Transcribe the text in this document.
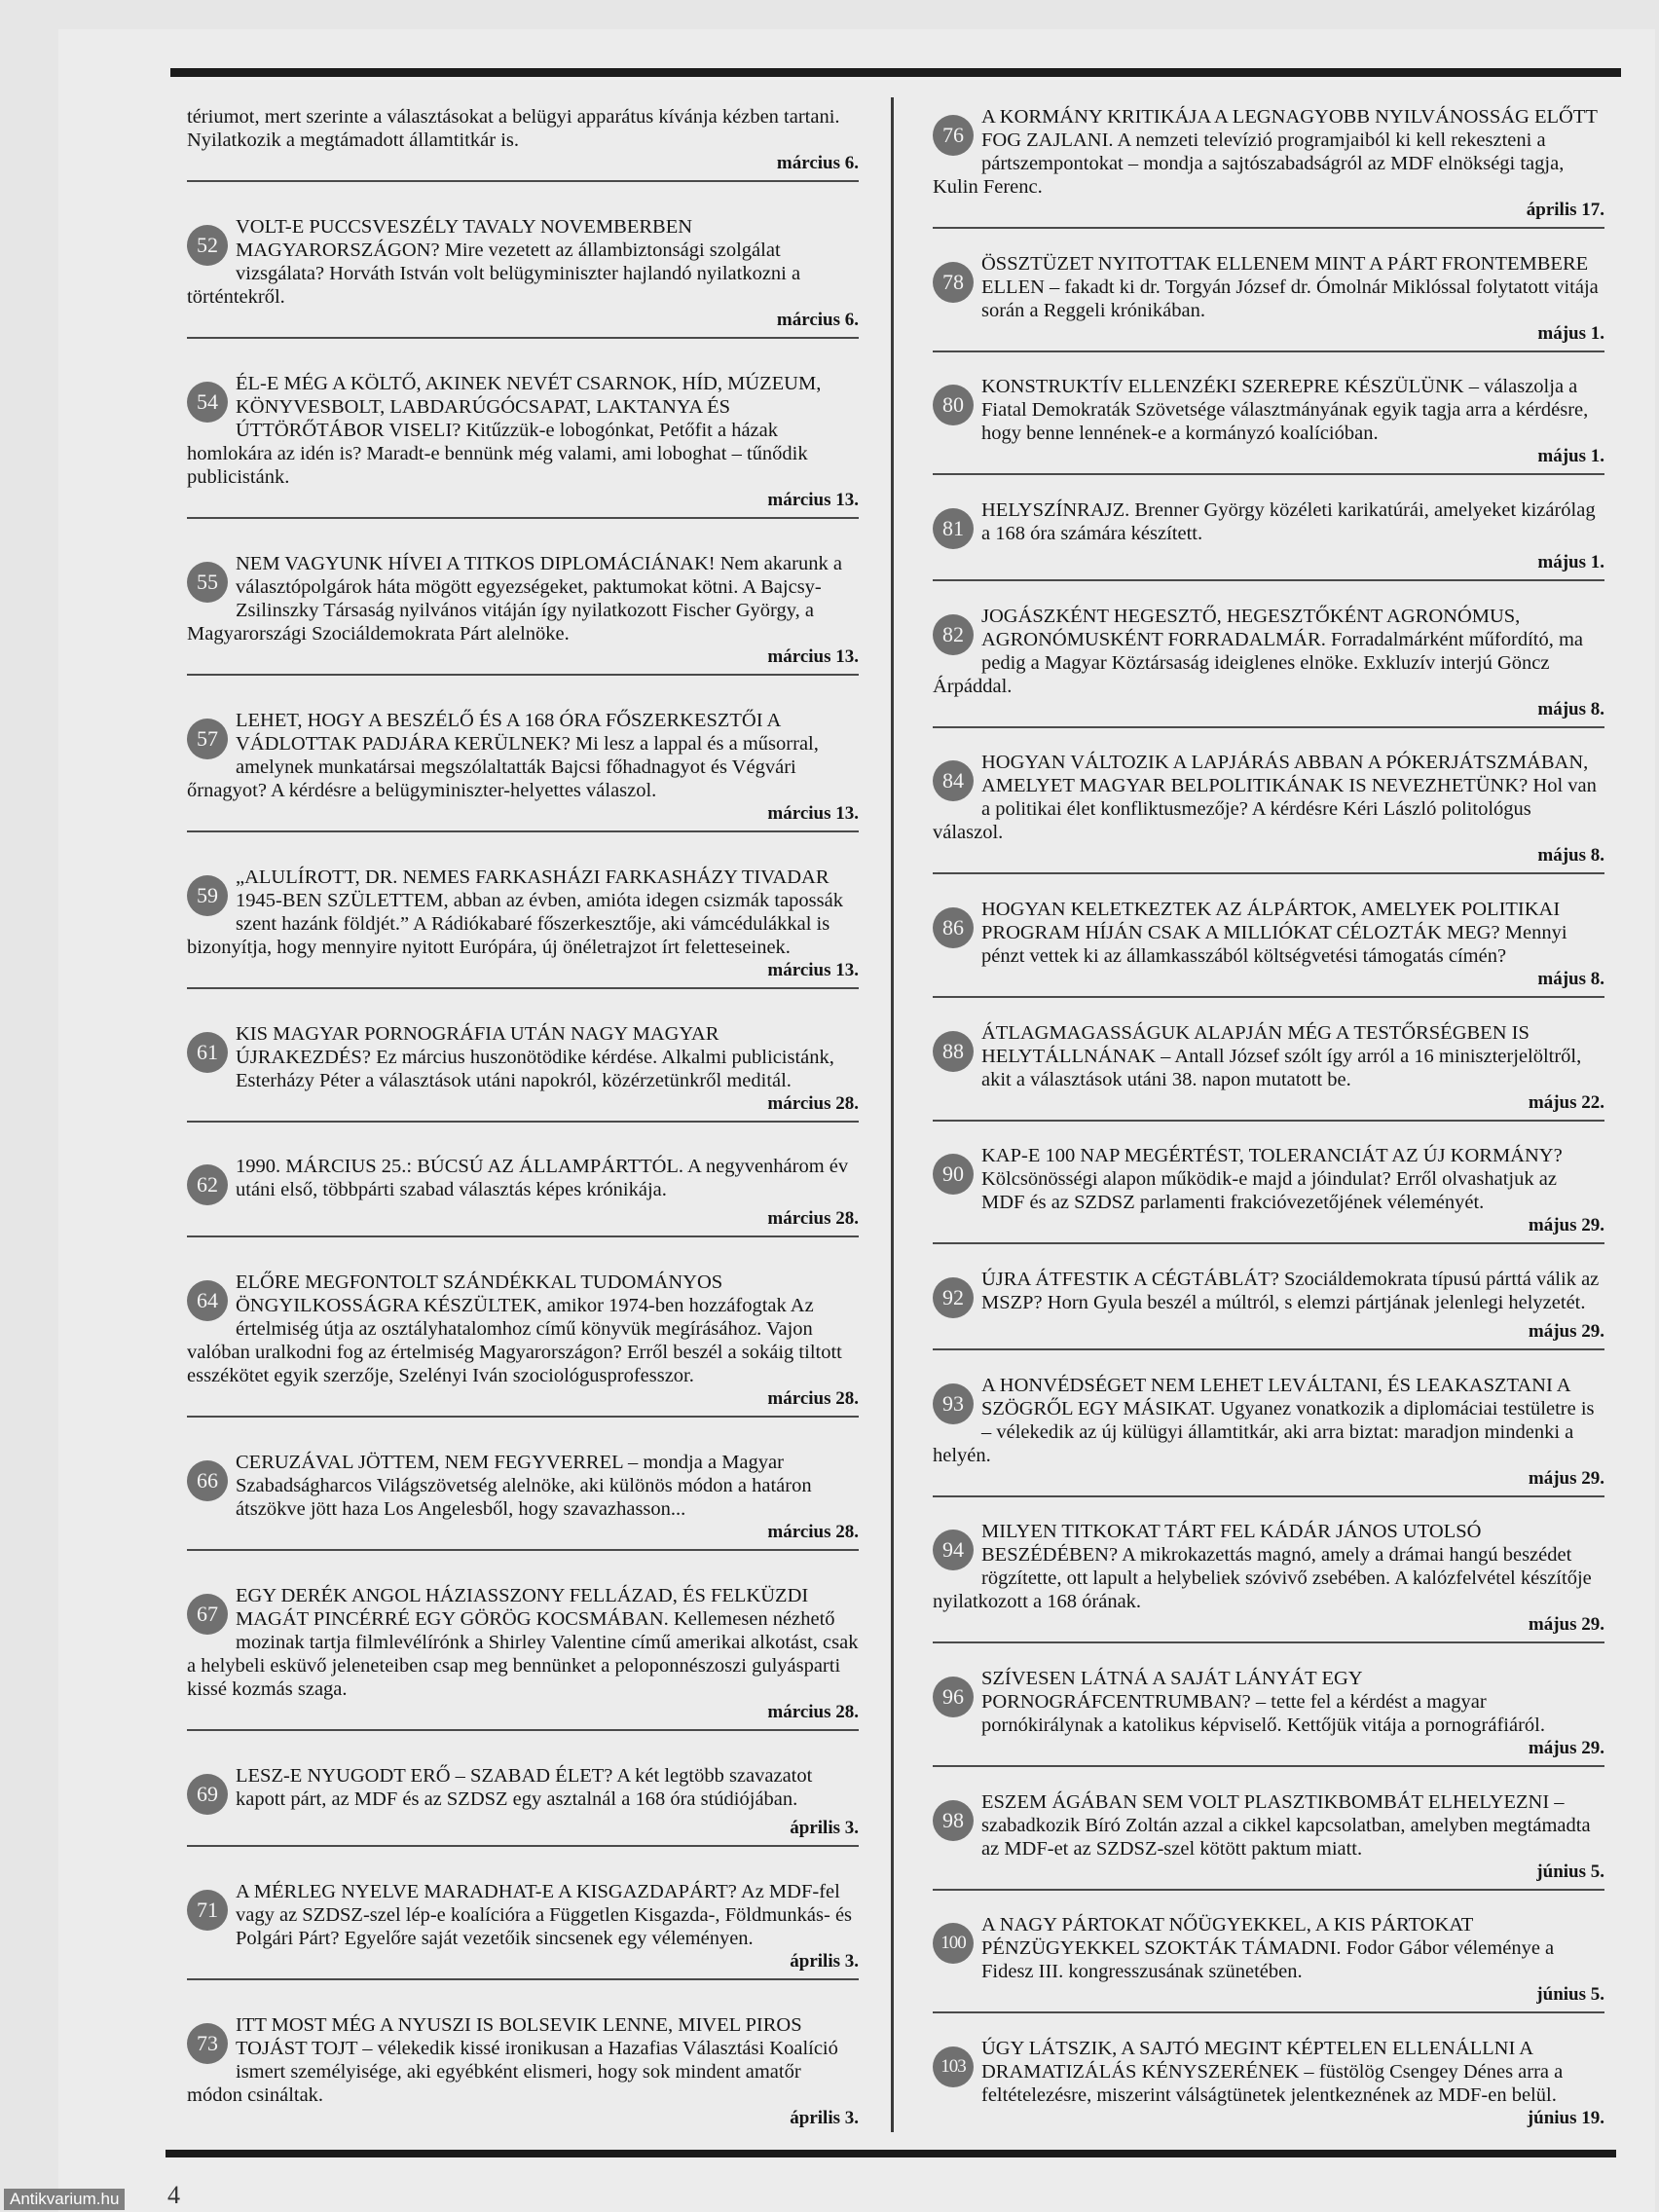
tériumot, mert szerinte a választásokat a belügyi apparátus kívánja kézben tartani. Nyilatkozik a megtámadott államtitkár is.
március 6.
52
VOLT-E PUCCSVESZÉLY TAVALY NOVEMBERBEN MAGYARORSZÁGON? Mire vezetett az állambiztonsági szolgálat vizsgálata? Horváth István volt belügyminiszter hajlandó nyilatkozni a történtekről.
március 6.
54
ÉL-E MÉG A KÖLTŐ, AKINEK NEVÉT CSARNOK, HÍD, MÚZEUM, KÖNYVESBOLT, LABDARÚGÓCSAPAT, LAKTANYA ÉS ÚTTÖRŐTÁBOR VISELI? Kitűzzük-e lobogónkat, Petőfit a házak homlokára az idén is? Maradt-e bennünk még valami, ami loboghat – tűnődik publicistánk.
március 13.
55
NEM VAGYUNK HÍVEI A TITKOS DIPLOMÁCIÁNAK! Nem akarunk a választópolgárok háta mögött egyezségeket, paktumokat kötni. A Bajcsy-Zsilinszky Társaság nyilvános vitáján így nyilatkozott Fischer György, a Magyarországi Szociáldemokrata Párt alelnöke.
március 13.
57
LEHET, HOGY A BESZÉLŐ ÉS A 168 ÓRA FŐSZERKESZTŐI A VÁDLOTTAK PADJÁRA KERÜLNEK? Mi lesz a lappal és a műsorral, amelynek munkatársai megszólaltatták Bajcsi főhadnagyot és Végvári őrnagyot? A kérdésre a belügyminiszter-helyettes válaszol.
március 13.
59
„ALULÍROTT, DR. NEMES FARKASHÁZI FARKASHÁZY TIVADAR 1945-BEN SZÜLETTEM, abban az évben, amióta idegen csizmák tapossák szent hazánk földjét.” A Rádiókabaré főszerkesztője, aki vámcédulákkal is bizonyítja, hogy mennyire nyitott Európára, új önéletrajzot írt feletteseinek.
március 13.
61
KIS MAGYAR PORNOGRÁFIA UTÁN NAGY MAGYAR ÚJRAKEZDÉS? Ez március huszonötödike kérdése. Alkalmi publicistánk, Esterházy Péter a választások utáni napokról, közérzetünkről meditál.
március 28.
62
1990. MÁRCIUS 25.: BÚCSÚ AZ ÁLLAMPÁRTTÓL. A negyvenhárom év utáni első, többpárti szabad választás képes krónikája.
március 28.
64
ELŐRE MEGFONTOLT SZÁNDÉKKAL TUDOMÁNYOS ÖNGYILKOSSÁGRA KÉSZÜLTEK, amikor 1974-ben hozzáfogtak Az értelmiség útja az osztályhatalomhoz című könyvük megírásához. Vajon valóban uralkodni fog az értelmiség Magyarországon? Erről beszél a sokáig tiltott esszékötet egyik szerzője, Szelényi Iván szociológusprofesszor.
március 28.
66
CERUZÁVAL JÖTTEM, NEM FEGYVERREL – mondja a Magyar Szabadságharcos Világszövetség alelnöke, aki különös módon a határon átszökve jött haza Los Angelesből, hogy szavazhasson...
március 28.
67
EGY DERÉK ANGOL HÁZIASSZONY FELLÁZAD, ÉS FELKÜZDI MAGÁT PINCÉRRÉ EGY GÖRÖG KOCSMÁBAN. Kellemesen nézhető mozinak tartja filmlevélírónk a Shirley Valentine című amerikai alkotást, csak a helybeli esküvő jeleneteiben csap meg bennünket a peloponnészoszi gulyásparti kissé kozmás szaga.
március 28.
69
LESZ-E NYUGODT ERŐ – SZABAD ÉLET? A két legtöbb szavazatot kapott párt, az MDF és az SZDSZ egy asztalnál a 168 óra stúdiójában.
április 3.
71
A MÉRLEG NYELVE MARADHAT-E A KISGAZDAPÁRT? Az MDF-fel vagy az SZDSZ-szel lép-e koalícióra a Független Kisgazda-, Földmunkás- és Polgári Párt? Egyelőre saját vezetőik sincsenek egy véleményen.
április 3.
73
ITT MOST MÉG A NYUSZI IS BOLSEVIK LENNE, MIVEL PIROS TOJÁST TOJT – vélekedik kissé ironikusan a Hazafias Választási Koalíció ismert személyisége, aki egyébként elismeri, hogy sok mindent amatőr módon csináltak.
április 3.
76
A KORMÁNY KRITIKÁJA A LEGNAGYOBB NYILVÁNOSSÁG ELŐTT FOG ZAJLANI. A nemzeti televízió programjaiból ki kell rekeszteni a pártszempontokat – mondja a sajtószabadságról az MDF elnökségi tagja, Kulin Ferenc.
április 17.
78
ÖSSZTÜZET NYITOTTAK ELLENEM MINT A PÁRT FRONTEMBERE ELLEN – fakadt ki dr. Torgyán József dr. Ómolnár Miklóssal folytatott vitája során a Reggeli krónikában.
május 1.
80
KONSTRUKTÍV ELLENZÉKI SZEREPRE KÉSZÜLÜNK – válaszolja a Fiatal Demokraták Szövetsége választmányának egyik tagja arra a kérdésre, hogy benne lennének-e a kormányzó koalícióban.
május 1.
81
HELYSZÍNRAJZ. Brenner György közéleti karikatúrái, amelyeket kizárólag a 168 óra számára készített.
május 1.
82
JOGÁSZKÉNT HEGESZTŐ, HEGESZTŐKÉNT AGRONÓMUS, AGRONÓMUSKÉNT FORRADALMÁR. Forradalmárként műfordító, ma pedig a Magyar Köztársaság ideiglenes elnöke. Exkluzív interjú Göncz Árpáddal.
május 8.
84
HOGYAN VÁLTOZIK A LAPJÁRÁS ABBAN A PÓKERJÁTSZMÁBAN, AMELYET MAGYAR BELPOLITIKÁNAK IS NEVEZHETÜNK? Hol van a politikai élet konfliktusmezője? A kérdésre Kéri László politológus válaszol.
május 8.
86
HOGYAN KELETKEZTEK AZ ÁLPÁRTOK, AMELYEK POLITIKAI PROGRAM HÍJÁN CSAK A MILLIÓKAT CÉLOZTÁK MEG? Mennyi pénzt vettek ki az államkasszából költségvetési támogatás címén?
május 8.
88
ÁTLAGMAGASSÁGUK ALAPJÁN MÉG A TESTŐRSÉGBEN IS HELYTÁLLNÁNAK – Antall József szólt így arról a 16 miniszterjelöltről, akit a választások utáni 38. napon mutatott be.
május 22.
90
KAP-E 100 NAP MEGÉRTÉST, TOLERANCIÁT AZ ÚJ KORMÁNY? Kölcsönösségi alapon működik-e majd a jóindulat? Erről olvashatjuk az MDF és az SZDSZ parlamenti frakcióvezetőjének véleményét.
május 29.
92
ÚJRA ÁTFESTIK A CÉGTÁBLÁT? Szociáldemokrata típusú párttá válik az MSZP? Horn Gyula beszél a múltról, s elemzi pártjának jelenlegi helyzetét.
május 29.
93
A HONVÉDSÉGET NEM LEHET LEVÁLTANI, ÉS LEAKASZTANI A SZÖGRŐL EGY MÁSIKAT. Ugyanez vonatkozik a diplomáciai testületre is – vélekedik az új külügyi államtitkár, aki arra biztat: maradjon mindenki a helyén.
május 29.
94
MILYEN TITKOKAT TÁRT FEL KÁDÁR JÁNOS UTOLSÓ BESZÉDÉBEN? A mikrokazettás magnó, amely a drámai hangú beszédet rögzítette, ott lapult a helybeliek szóvivő zsebében. A kalózfelvétel készítője nyilatkozott a 168 órának.
május 29.
96
SZÍVESEN LÁTNÁ A SAJÁT LÁNYÁT EGY PORNOGRÁFCENTRUMBAN? – tette fel a kérdést a magyar pornókirálynak a katolikus képviselő. Kettőjük vitája a pornográfiáról.
május 29.
98
ESZEM ÁGÁBAN SEM VOLT PLASZTIKBOMBÁT ELHELYEZNI – szabadkozik Bíró Zoltán azzal a cikkel kapcsolatban, amelyben megtámadta az MDF-et az SZDSZ-szel kötött paktum miatt.
június 5.
100
A NAGY PÁRTOKAT NŐÜGYEKKEL, A KIS PÁRTOKAT PÉNZÜGYEKKEL SZOKTÁK TÁMADNI. Fodor Gábor véleménye a Fidesz III. kongresszusának szünetében.
június 5.
103
ÚGY LÁTSZIK, A SAJTÓ MEGINT KÉPTELEN ELLENÁLLNI A DRAMATIZÁLÁS KÉNYSZERÉNEK – füstölög Csengey Dénes arra a feltételezésre, miszerint válságtünetek jelentkeznének az MDF-en belül.
június 19.
4
Antikvarium.hu
